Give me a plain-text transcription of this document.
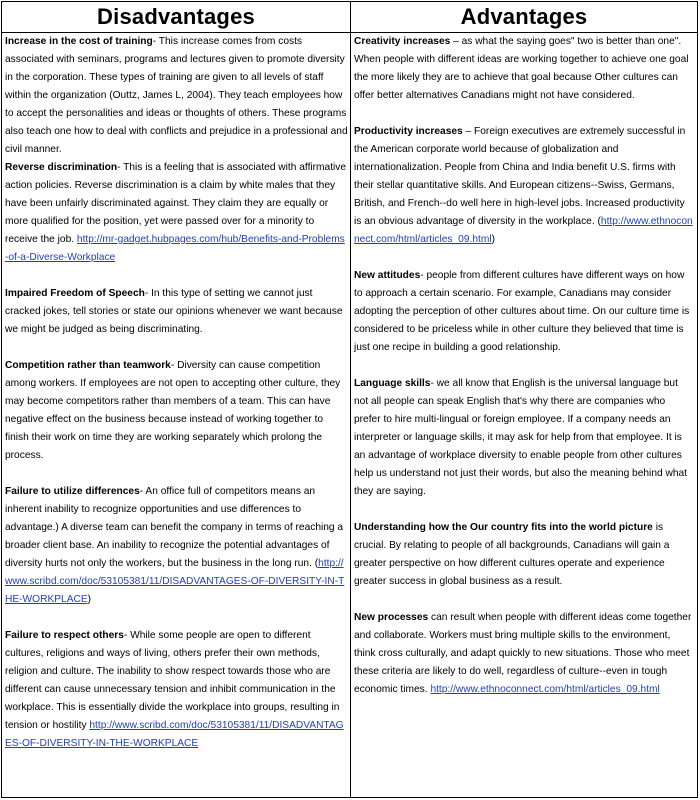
Disadvantages
Increase in the cost of training- This increase comes from costs associated with seminars, programs and lectures given to promote diversity in the corporation. These types of training are given to all levels of staff within the organization (Outtz, James L, 2004). They teach employees how to accept the personalities and ideas or thoughts of others. These programs also teach one how to deal with conflicts and prejudice in a professional and civil manner.
Reverse discrimination- This is a feeling that is associated with affirmative action policies. Reverse discrimination is a claim by white males that they have been unfairly discriminated against. They claim they are equally or more qualified for the position, yet were passed over for a minority to receive the job. http://mr-gadget.hubpages.com/hub/Benefits-and-Problems-of-a-Diverse-Workplace
Impaired Freedom of Speech- In this type of setting we cannot just cracked jokes, tell stories or state our opinions whenever we want because we might be judged as being discriminating.
Competition rather than teamwork- Diversity can cause competition among workers. If employees are not open to accepting other culture, they may become competitors rather than members of a team. This can have negative effect on the business because instead of working together to finish their work on time they are working separately which prolong the process.
Failure to utilize differences- An office full of competitors means an inherent inability to recognize opportunities and use differences to advantage.) A diverse team can benefit the company in terms of reaching a broader client base. An inability to recognize the potential advantages of diversity hurts not only the workers, but the business in the long run. (http://www.scribd.com/doc/53105381/11/DISADVANTAGES-OF-DIVERSITY-IN-THE-WORKPLACE)
Failure to respect others- While some people are open to different cultures, religions and ways of living, others prefer their own methods, religion and culture. The inability to show respect towards those who are different can cause unnecessary tension and inhibit communication in the workplace. This is essentially divide the workplace into groups, resulting in tension or hostility http://www.scribd.com/doc/53105381/11/DISADVANTAGES-OF-DIVERSITY-IN-THE-WORKPLACE
Advantages
Creativity increases – as what the saying goes" two is better than one". When people with different ideas are working together to achieve one goal the more likely they are to achieve that goal because Other cultures can offer better alternatives Canadians might not have considered.
Productivity increases – Foreign executives are extremely successful in the American corporate world because of globalization and internationalization. People from China and India benefit U.S. firms with their stellar quantitative skills. And European citizens--Swiss, Germans, British, and French--do well here in high-level jobs. Increased productivity is an obvious advantage of diversity in the workplace. (http://www.ethnoconnect.com/html/articles_09.html)
New attitudes- people from different cultures have different ways on how to approach a certain scenario. For example, Canadians may consider adopting the perception of other cultures about time. On our culture time is considered to be priceless while in other culture they believed that time is just one recipe in building a good relationship.
Language skills- we all know that English is the universal language but not all people can speak English that's why there are companies who prefer to hire multi-lingual or foreign employee. If a company needs an interpreter or language skills, it may ask for help from that employee. It is an advantage of workplace diversity to enable people from other cultures help us understand not just their words, but also the meaning behind what they are saying.
Understanding how the Our country fits into the world picture is crucial. By relating to people of all backgrounds, Canadians will gain a greater perspective on how different cultures operate and experience greater success in global business as a result.
New processes can result when people with different ideas come together and collaborate. Workers must bring multiple skills to the environment, think cross culturally, and adapt quickly to new situations. Those who meet these criteria are likely to do well, regardless of culture--even in tough economic times. http://www.ethnoconnect.com/html/articles_09.html
